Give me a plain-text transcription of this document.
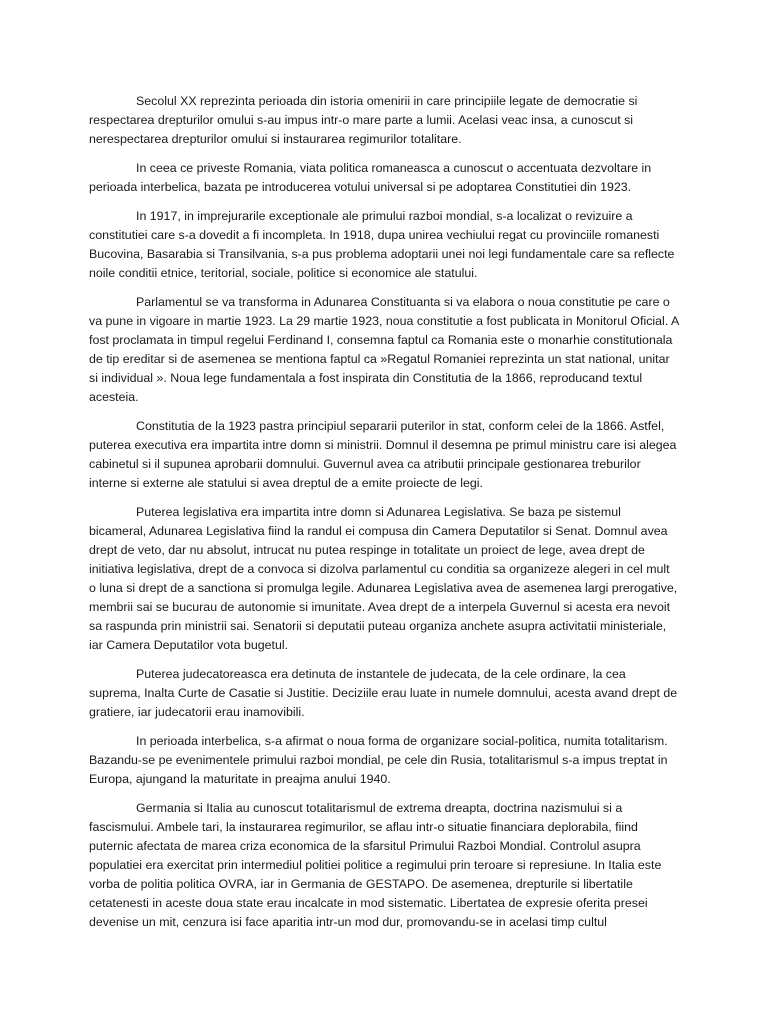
Secolul XX reprezinta perioada din istoria omenirii in care principiile legate de democratie si respectarea drepturilor omului s-au impus intr-o mare parte a lumii. Acelasi veac insa, a cunoscut si nerespectarea drepturilor omului si instaurarea regimurilor totalitare.

In ceea ce priveste Romania, viata politica romaneasca a cunoscut o accentuata dezvoltare in perioada interbelica, bazata pe introducerea votului universal si pe adoptarea Constitutiei din 1923.

In 1917, in imprejurarile exceptionale ale primului razboi mondial, s-a localizat o revizuire a constitutiei care s-a dovedit a fi incompleta. In 1918, dupa unirea vechiului regat cu provinciile romanesti Bucovina, Basarabia si Transilvania, s-a pus problema adoptarii unei noi legi fundamentale care sa reflecte noile conditii etnice, teritorial, sociale, politice si economice ale statului.

Parlamentul se va transforma in Adunarea Constituanta si va elabora o noua constitutie pe care o va pune in vigoare in martie 1923. La 29 martie 1923, noua constitutie a fost publicata in Monitorul Oficial. A fost proclamata in timpul regelui Ferdinand I, consemna faptul ca Romania este o monarhie constitutionala de tip ereditar si de asemenea se mentiona faptul ca »Regatul Romaniei reprezinta un stat national, unitar si individual ». Noua lege fundamentala a fost inspirata din Constitutia de la 1866, reproducand textul acesteia.

Constitutia de la 1923 pastra principiul separarii puterilor in stat, conform celei de la 1866. Astfel, puterea executiva era impartita intre domn si ministrii. Domnul il desemna pe primul ministru care isi alegea cabinetul si il supunea aprobarii domnului. Guvernul avea ca atributii principale gestionarea treburilor interne si externe ale statului si avea dreptul de a emite proiecte de legi.

Puterea legislativa era impartita intre domn si Adunarea Legislativa. Se baza pe sistemul bicameral, Adunarea Legislativa fiind la randul ei compusa din Camera Deputatilor si Senat. Domnul avea drept de veto, dar nu absolut, intrucat nu putea respinge in totalitate un proiect de lege, avea drept de initiativa legislativa, drept de a convoca si dizolva parlamentul cu conditia sa organizeze alegeri in cel mult o luna si drept de a sanctiona si promulga legile. Adunarea Legislativa avea de asemenea largi prerogative, membrii sai se bucurau de autonomie si imunitate. Avea drept de a interpela Guvernul si acesta era nevoit sa raspunda prin ministrii sai. Senatorii si deputatii puteau organiza anchete asupra activitatii ministeriale, iar Camera Deputatilor vota bugetul.

Puterea judecatoreasca era detinuta de instantele de judecata, de la cele ordinare, la cea suprema, Inalta Curte de Casatie si Justitie. Deciziile erau luate in numele domnului, acesta avand drept de gratiere, iar judecatorii erau inamovibili.

In perioada interbelica, s-a afirmat o noua forma de organizare social-politica, numita totalitarism. Bazandu-se pe evenimentele primului razboi mondial, pe cele din Rusia, totalitarismul s-a impus treptat in Europa, ajungand la maturitate in preajma anului 1940.

Germania si Italia au cunoscut totalitarismul de extrema dreapta, doctrina nazismului si a fascismului. Ambele tari, la instaurarea regimurilor, se aflau intr-o situatie financiara deplorabila, fiind puternic afectata de marea criza economica de la sfarsitul Primului Razboi Mondial. Controlul asupra populatiei era exercitat prin intermediul politiei politice a regimului prin teroare si represiune. In Italia este vorba de politia politica OVRA, iar in Germania de GESTAPO. De asemenea, drepturile si libertatile cetatenesti in aceste doua state erau incalcate in mod sistematic. Libertatea de expresie oferita presei devenise un mit, cenzura isi face aparitia intr-un mod dur, promovandu-se in acelasi timp cultul
